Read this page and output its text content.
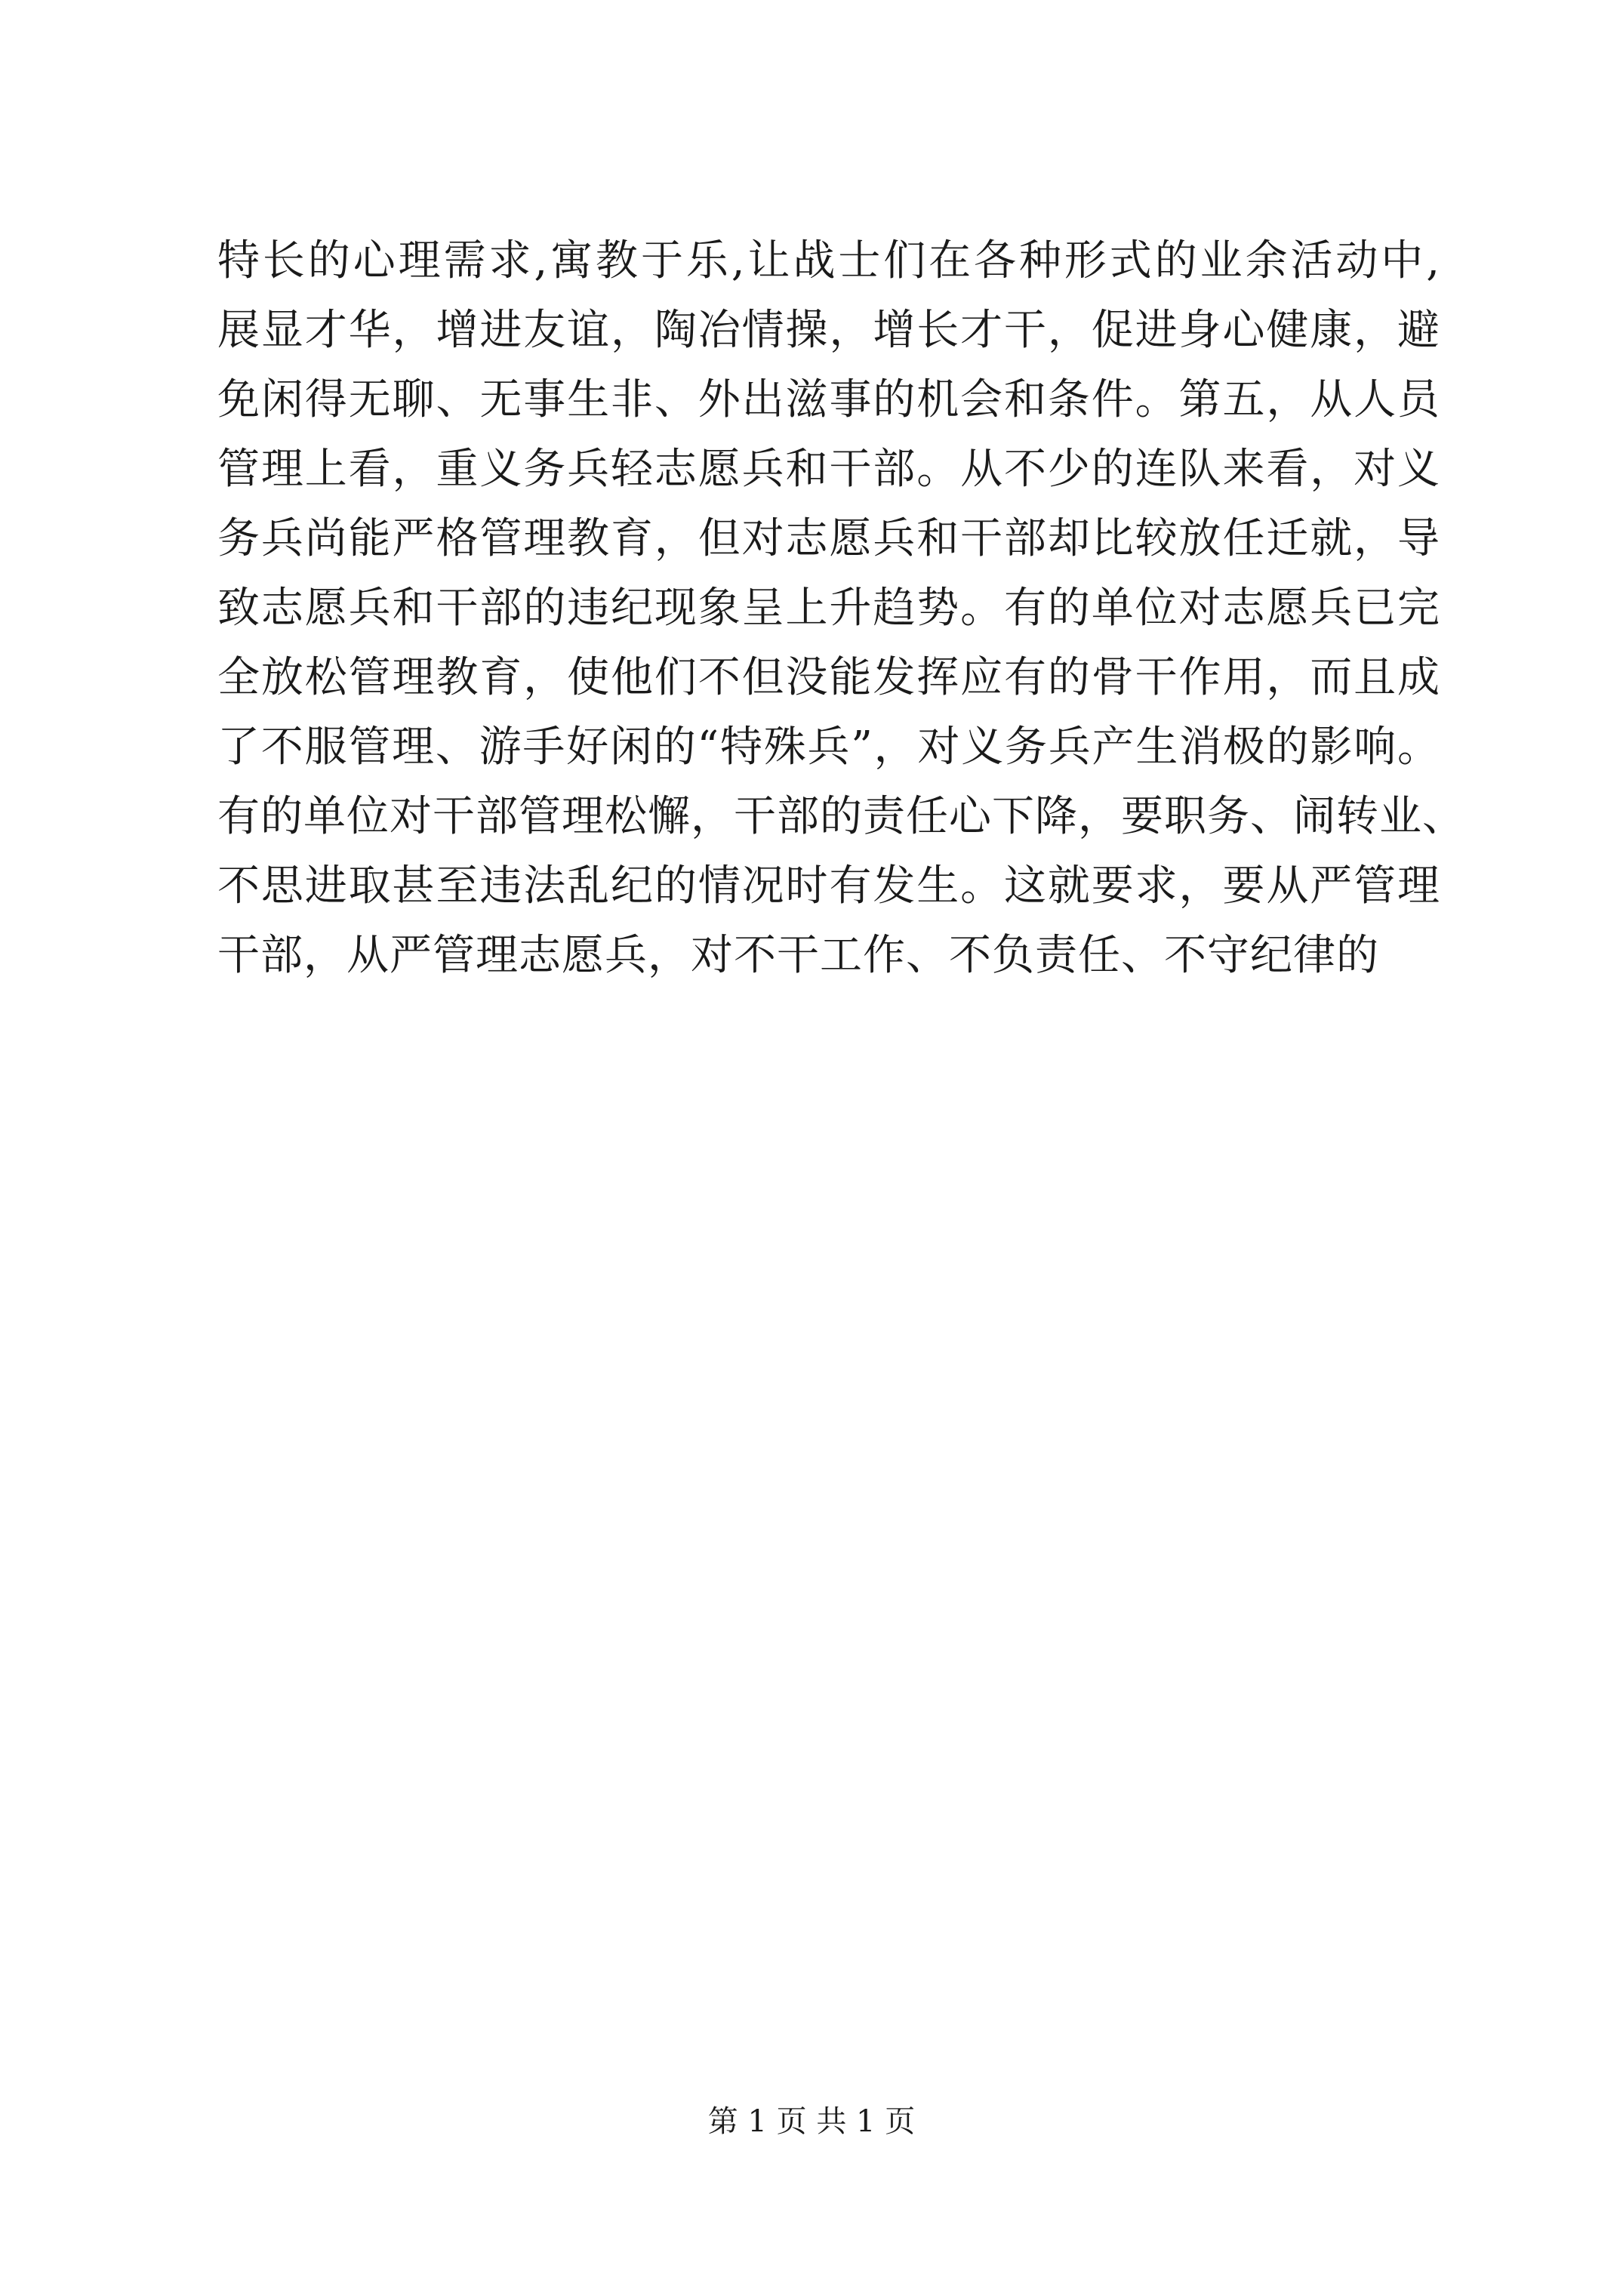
特长的心理需求,寓教于乐,让战士们在各种形式的业余活动中,
展显才华，增进友谊，陶冶情操，增长才干，促进身心健康，避
免闲得无聊、无事生非、外出滋事的机会和条件。第五，从人员
管理上看，重义务兵轻志愿兵和干部。从不少的连队来看，对义
务兵尚能严格管理教育，但对志愿兵和干部却比较放任迁就，导
致志愿兵和干部的违纪现象呈上升趋势。有的单位对志愿兵已完
全放松管理教育，使他们不但没能发挥应有的骨干作用，而且成
了不服管理、游手好闲的“特殊兵”，对义务兵产生消极的影响。
有的单位对干部管理松懈，干部的责任心下降，要职务、闹转业、
不思进取甚至违法乱纪的情况时有发生。这就要求，要从严管理
干部，从严管理志愿兵，对不干工作、不负责任、不守纪律的
第 1 页 共 1 页
